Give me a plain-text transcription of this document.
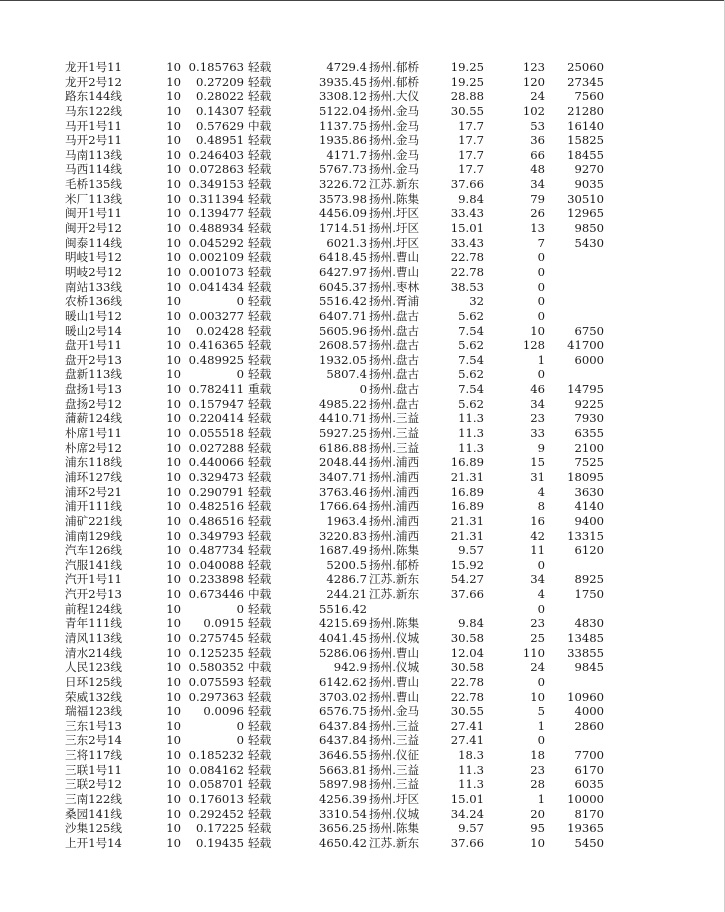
龙开1号11	10 0.185763 轻载	4729.4 扬州.郁桥	19.25	123	25060
龙开2号12	10	0.27209 轻载	3935.45 扬州.郁桥	19.25	120	27345
路东144线	10	0.28022 轻载	3308.12 扬州.大仪	28.88	24	7560
马东122线	10	0.14307 轻载	5122.04 扬州.金马	30.55	102	21280
马开1号11	10	0.57629 中载	1137.75 扬州.金马	17.7	53	16140
马开2号11	10	0.48951 轻载	1935.86 扬州.金马	17.7	36	15825
马南113线	10 0.246403 轻载	4171.7 扬州.金马	17.7	66	18455
马西114线	10 0.072863 轻载	5767.73 扬州.金马	17.7	48	9270
毛桥135线	10 0.349153 轻载	3226.72 江苏.新东	37.66	34	9035
米厂113线	10 0.311394 轻载	3573.98 扬州.陈集	9.84	79	30510
闽开1号11	10 0.139477 轻载	4456.09 扬州.圩区	33.43	26	12965
闽开2号12	10 0.488934 轻载	1714.51 扬州.圩区	15.01	13	9850
闽泰114线	10 0.045292 轻载	6021.3 扬州.圩区	33.43	7	5430
明岐1号12	10 0.002109 轻载	6418.45 扬州.曹山	22.78	0
明岐2号12	10 0.001073 轻载	6427.97 扬州.曹山	22.78	0
南站133线	10 0.041434 轻载	6045.37 扬州.枣林	38.53	0
农桥136线	10	0 轻载	5516.42 扬州.胥浦	32	0
暖山1号12	10 0.003277 轻载	6407.71 扬州.盘古	5.62	0
暖山2号14	10	0.02428 轻载	5605.96 扬州.盘古	7.54	10	6750
盘开1号11	10 0.416365 轻载	2608.57 扬州.盘古	5.62	128	41700
盘开2号13	10 0.489925 轻载	1932.05 扬州.盘古	7.54	1	6000
盘新113线	10	0 轻载	5807.4 扬州.盘古	5.62	0
盘扬1号13	10 0.782411 重载	0 扬州.盘古	7.54	46	14795
盘扬2号12	10 0.157947 轻载	4985.22 扬州.盘古	5.62	34	9225
蒲薪124线	10 0.220414 轻载	4410.71 扬州.三益	11.3	23	7930
朴席1号11	10 0.055518 轻载	5927.25 扬州.三益	11.3	33	6355
朴席2号12	10 0.027288 轻载	6186.88 扬州.三益	11.3	9	2100
浦东118线	10 0.440066 轻载	2048.44 扬州.浦西	16.89	15	7525
浦环127线	10 0.329473 轻载	3407.71 扬州.浦西	21.31	31	18095
浦环2号21	10 0.290791 轻载	3763.46 扬州.浦西	16.89	4	3630
浦开111线	10 0.482516 轻载	1766.64 扬州.浦西	16.89	8	4140
浦矿221线	10 0.486516 轻载	1963.4 扬州.浦西	21.31	16	9400
浦南129线	10 0.349793 轻载	3220.83 扬州.浦西	21.31	42	13315
汽车126线	10 0.487734 轻载	1687.49 扬州.陈集	9.57	11	6120
汽服141线	10 0.040088 轻载	5200.5 扬州.郁桥	15.92	0
汽开1号11	10 0.233898 轻载	4286.7 江苏.新东	54.27	34	8925
汽开2号13	10 0.673446 中载	244.21 江苏.新东	37.66	4	1750
前程124线	10	0 轻载	5516.42	0
青年111线	10	0.0915 轻载	4215.69 扬州.陈集	9.84	23	4830
清风113线	10 0.275745 轻载	4041.45 扬州.仪城	30.58	25	13485
清水214线	10 0.125235 轻载	5286.06 扬州.曹山	12.04	110	33855
人民123线	10 0.580352 中载	942.9 扬州.仪城	30.58	24	9845
日环125线	10 0.075593 轻载	6142.62 扬州.曹山	22.78	0
荣威132线	10 0.297363 轻载	3703.02 扬州.曹山	22.78	10	10960
瑞福123线	10	0.0096 轻载	6576.75 扬州.金马	30.55	5	4000
三东1号13	10	0 轻载	6437.84 扬州.三益	27.41	1	2860
三东2号14	10	0 轻载	6437.84 扬州.三益	27.41	0
三将117线	10 0.185232 轻载	3646.55 扬州.仪征	18.3	18	7700
三联1号11	10 0.084162 轻载	5663.81 扬州.三益	11.3	23	6170
三联2号12	10 0.058701 轻载	5897.98 扬州.三益	11.3	28	6035
三南122线	10 0.176013 轻载	4256.39 扬州.圩区	15.01	1	10000
桑园141线	10 0.292452 轻载	3310.54 扬州.仪城	34.24	20	8170
沙集125线	10	0.17225 轻载	3656.25 扬州.陈集	9.57	95	19365
上开1号14	10	0.19435 轻载	4650.42 江苏.新东	37.66	10	5450
